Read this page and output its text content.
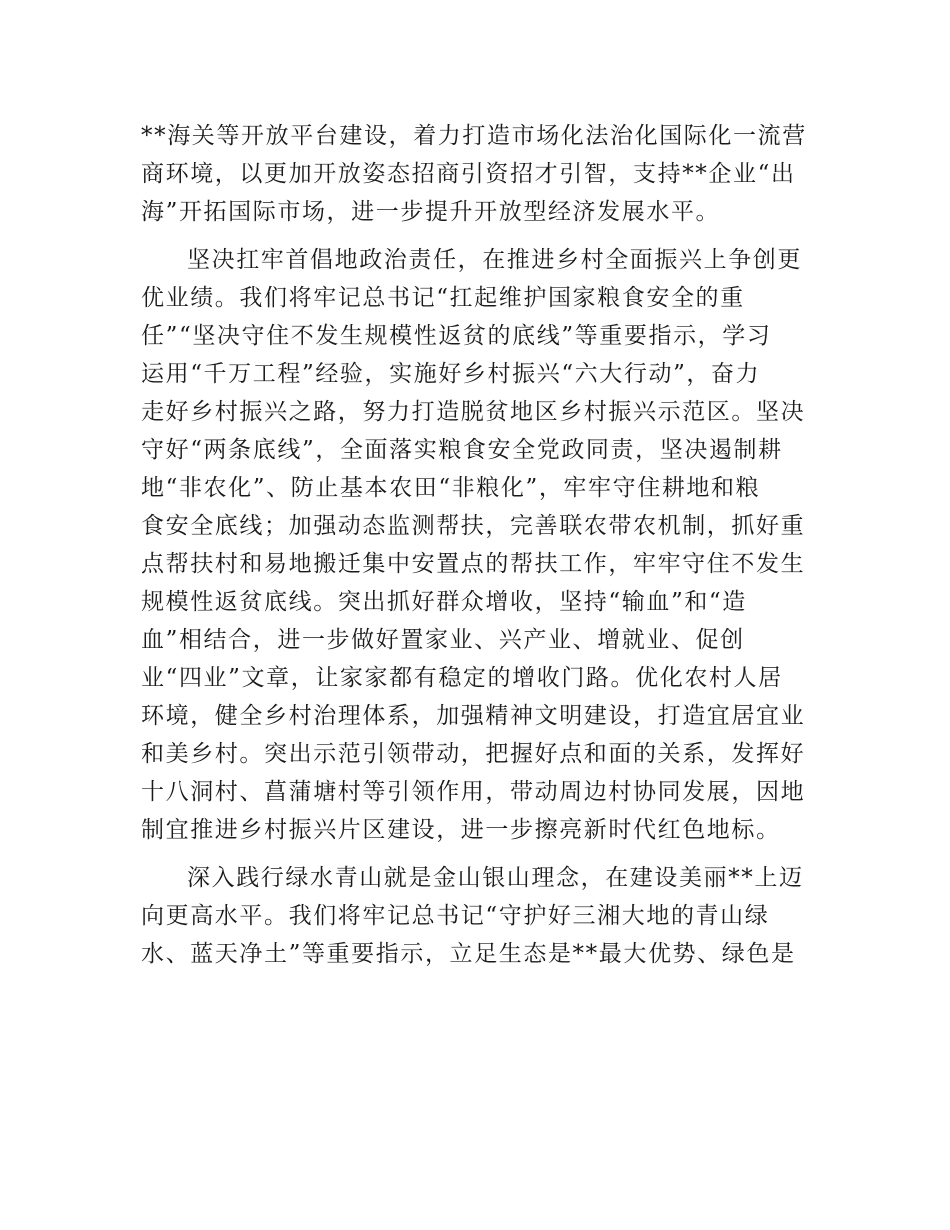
**海关等开放平台建设，着力打造市场化法治化国际化一流营
商环境，以更加开放姿态招商引资招才引智，支持**企业“出
海”开拓国际市场，进一步提升开放型经济发展水平。
坚决扛牢首倡地政治责任，在推进乡村全面振兴上争创更
优业绩。我们将牢记总书记“扛起维护国家粮食安全的重
任”“坚决守住不发生规模性返贫的底线”等重要指示，学习
运用“千万工程”经验，实施好乡村振兴“六大行动”，奋力
走好乡村振兴之路，努力打造脱贫地区乡村振兴示范区。坚决
守好“两条底线”，全面落实粮食安全党政同责，坚决遏制耕
地“非农化”、防止基本农田“非粮化”，牢牢守住耕地和粮
食安全底线；加强动态监测帮扶，完善联农带农机制，抓好重
点帮扶村和易地搬迁集中安置点的帮扶工作，牢牢守住不发生
规模性返贫底线。突出抓好群众增收，坚持“输血”和“造
血”相结合，进一步做好置家业、兴产业、增就业、促创
业“四业”文章，让家家都有稳定的增收门路。优化农村人居
环境，健全乡村治理体系，加强精神文明建设，打造宜居宜业
和美乡村。突出示范引领带动，把握好点和面的关系，发挥好
十八洞村、菖蒲塘村等引领作用，带动周边村协同发展，因地
制宜推进乡村振兴片区建设，进一步擦亮新时代红色地标。
深入践行绿水青山就是金山银山理念，在建设美丽**上迈
向更高水平。我们将牢记总书记“守护好三湘大地的青山绿
水、蓝天净土”等重要指示，立足生态是**最大优势、绿色是
